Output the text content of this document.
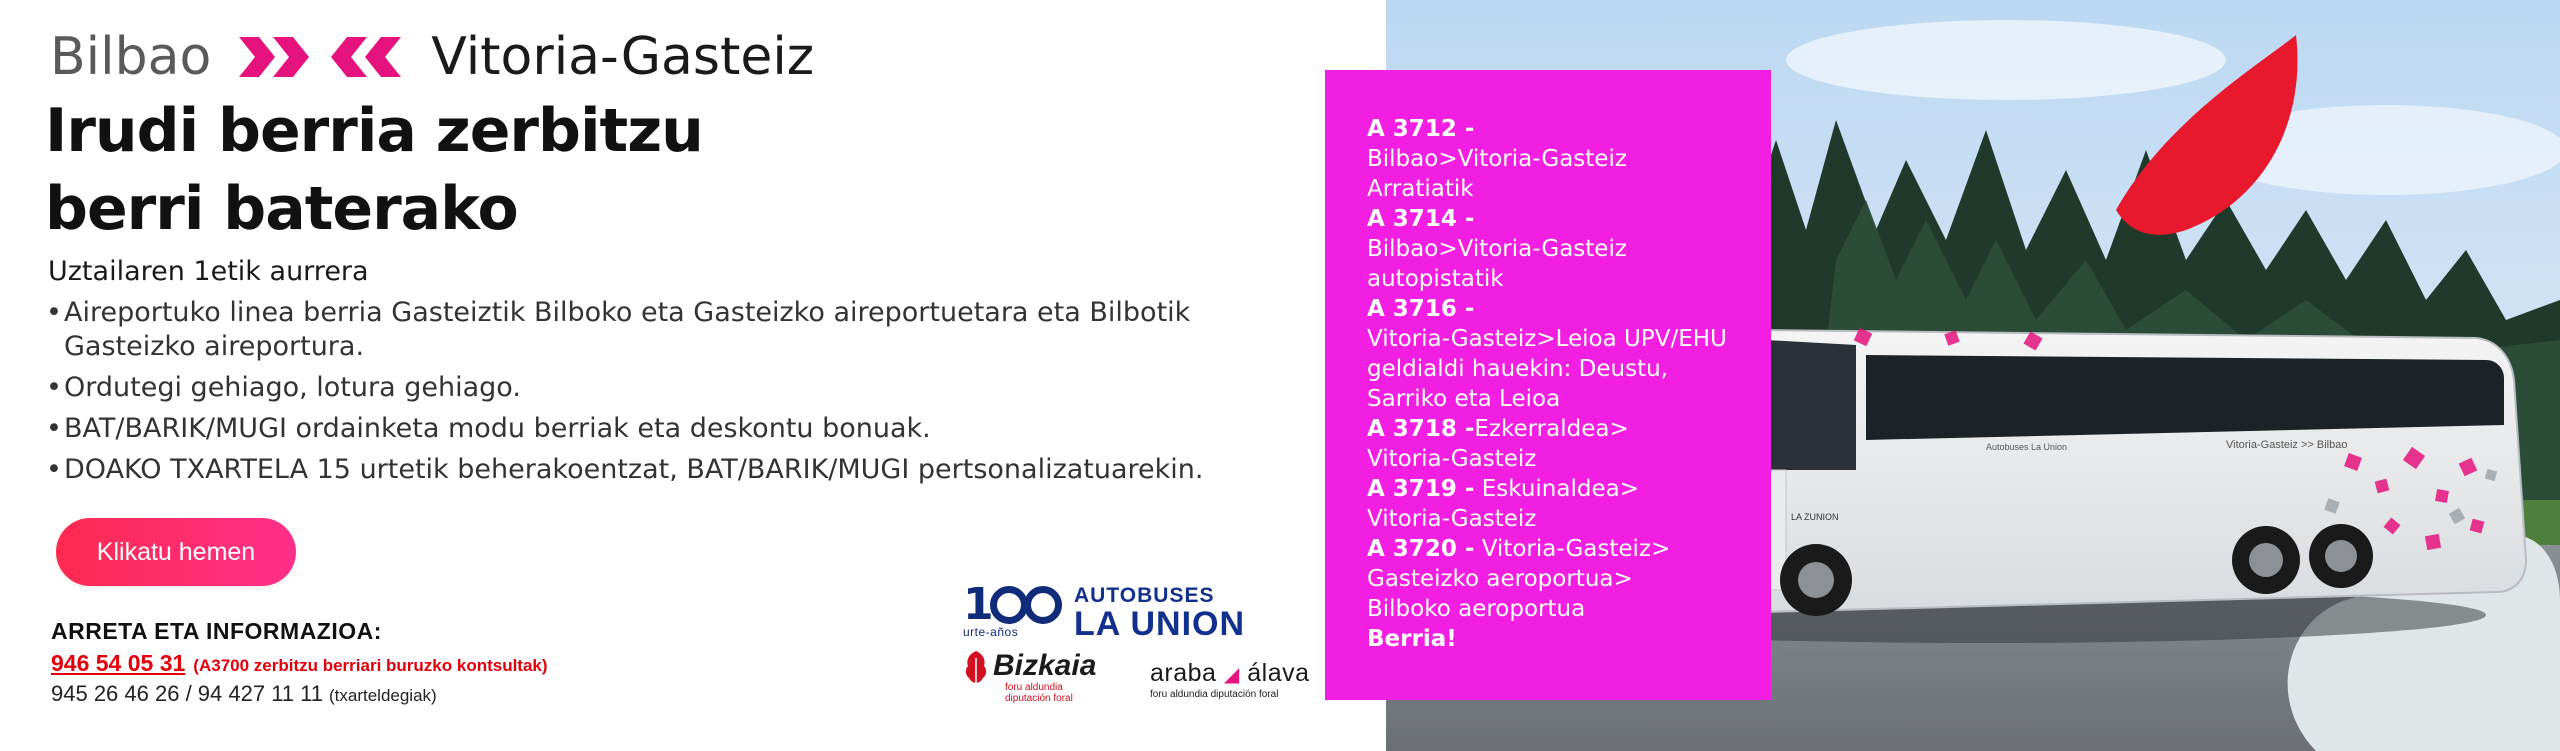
Vitoria-Gasteiz >> Bilbao
Autobuses La Union
LA ZUNION
Bilbao	Vitoria-Gasteiz
Irudi berria zerbitzu
berri baterako
Uztailaren 1etik aurrera
• Aireportuko linea berria Gasteiztik Bilboko eta Gasteizko aireportuetara eta Bilbotik Gasteizko aireportura.
• Ordutegi gehiago, lotura gehiago.
• BAT/BARIK/MUGI ordainketa modu berriak eta deskontu bonuak.
• DOAKO TXARTELA 15 urtetik beherakoentzat, BAT/BARIK/MUGI pertsonalizatuarekin.
Klikatu hemen
ARRETA ETA INFORMAZIOA:
946 54 05 31 (A3700 zerbitzu berriari buruzko kontsultak)
945 26 46 26 / 94 427 11 11 (txarteldegiak)
1
urte-años
AUTOBUSES
LA UNION
Bizkaia
foru aldundia
diputación foral
araba ◢ álava
foru aldundia diputación foral
A 3712 -
Bilbao>Vitoria-Gasteiz
Arratiatik
A 3714 -
Bilbao>Vitoria-Gasteiz
autopistatik
A 3716 -
Vitoria-Gasteiz>Leioa UPV/EHU
geldialdi hauekin: Deustu,
Sarriko eta Leioa
A 3718 -Ezkerraldea>
Vitoria-Gasteiz
A 3719 - Eskuinaldea>
Vitoria-Gasteiz
A 3720 - Vitoria-Gasteiz>
Gasteizko aeroportua>
Bilboko aeroportua
Berria!
